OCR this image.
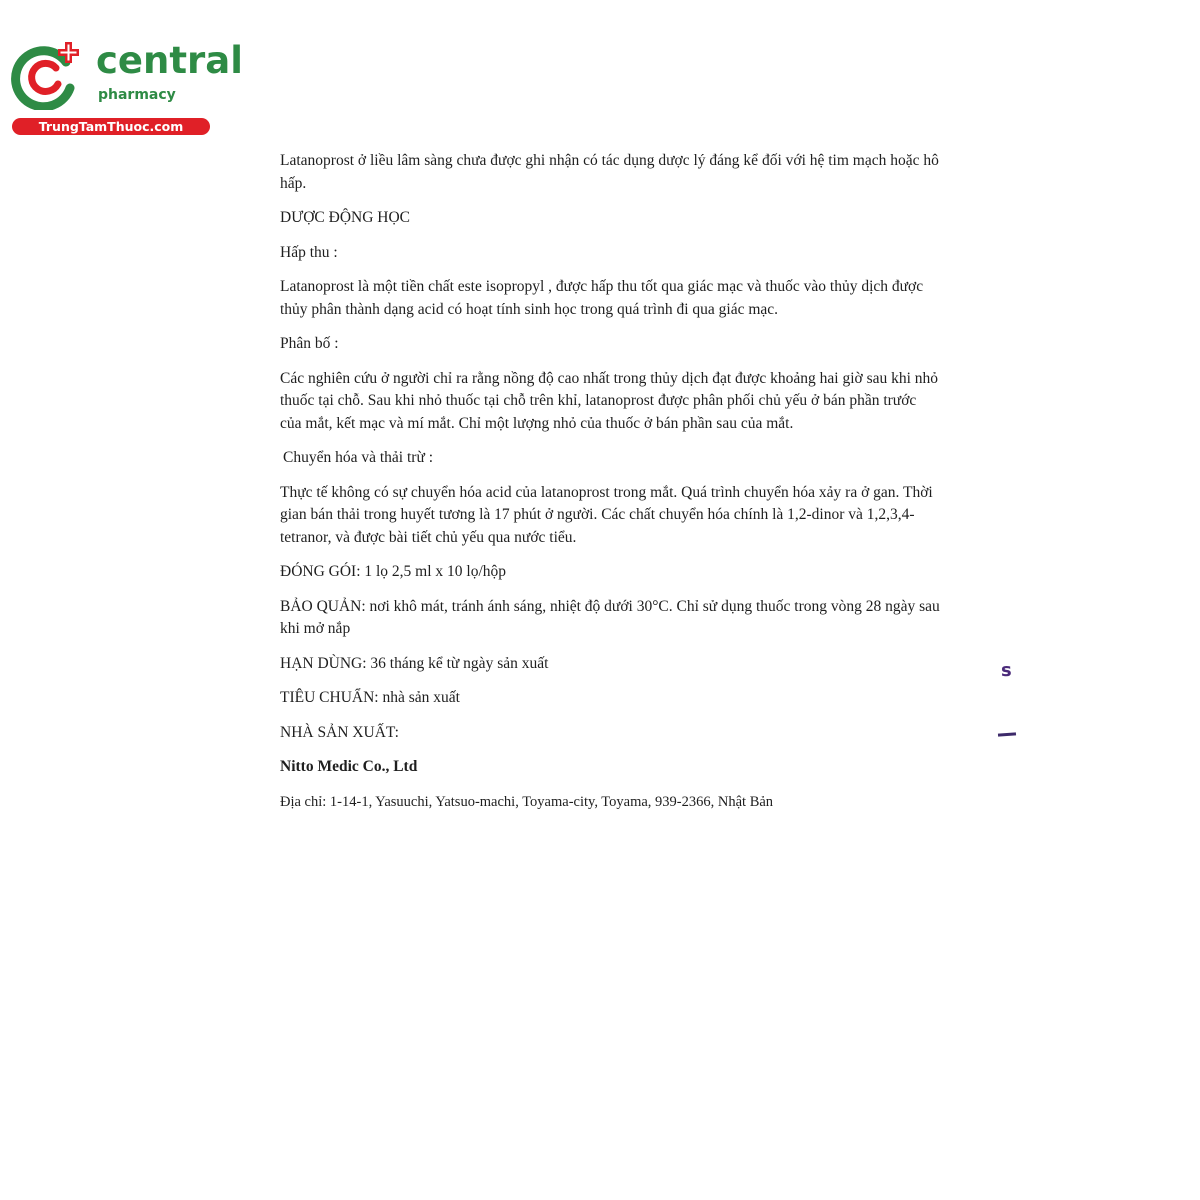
central
pharmacy
TrungTamThuoc.com

Latanoprost ở liều lâm sàng chưa được ghi nhận có tác dụng dược lý đáng kể đối với hệ tim mạch hoặc hô hấp.

DƯỢC ĐỘNG HỌC

Hấp thu :

Latanoprost là một tiền chất este isopropyl , được hấp thu tốt qua giác mạc và thuốc vào thủy dịch được thủy phân thành dạng acid có hoạt tính sinh học trong quá trình đi qua giác mạc.

Phân bố :

Các nghiên cứu ở người chỉ ra rằng nồng độ cao nhất trong thủy dịch đạt được khoảng hai giờ sau khi nhỏ thuốc tại chỗ. Sau khi nhỏ thuốc tại chỗ trên khỉ, latanoprost được phân phối chủ yếu ở bán phần trước của mắt, kết mạc và mí mắt. Chỉ một lượng nhỏ của thuốc ở bán phần sau của mắt.

Chuyển hóa và thải trừ :

Thực tế không có sự chuyển hóa acid của latanoprost trong mắt. Quá trình chuyển hóa xảy ra ở gan. Thời gian bán thải trong huyết tương là 17 phút ở người. Các chất chuyển hóa chính là 1,2-dinor và 1,2,3,4-tetranor, và được bài tiết chủ yếu qua nước tiểu.

ĐÓNG GÓI: 1 lọ 2,5 ml x 10 lọ/hộp

BẢO QUẢN: nơi khô mát, tránh ánh sáng, nhiệt độ dưới 30°C. Chỉ sử dụng thuốc trong vòng 28 ngày sau khi mở nắp

HẠN DÙNG: 36 tháng kể từ ngày sản xuất

TIÊU CHUẨN: nhà sản xuất

NHÀ SẢN XUẤT:

Nitto Medic Co., Ltd

Địa chỉ: 1-14-1, Yasuuchi, Yatsuo-machi, Toyama-city, Toyama, 939-2366, Nhật Bản

s
